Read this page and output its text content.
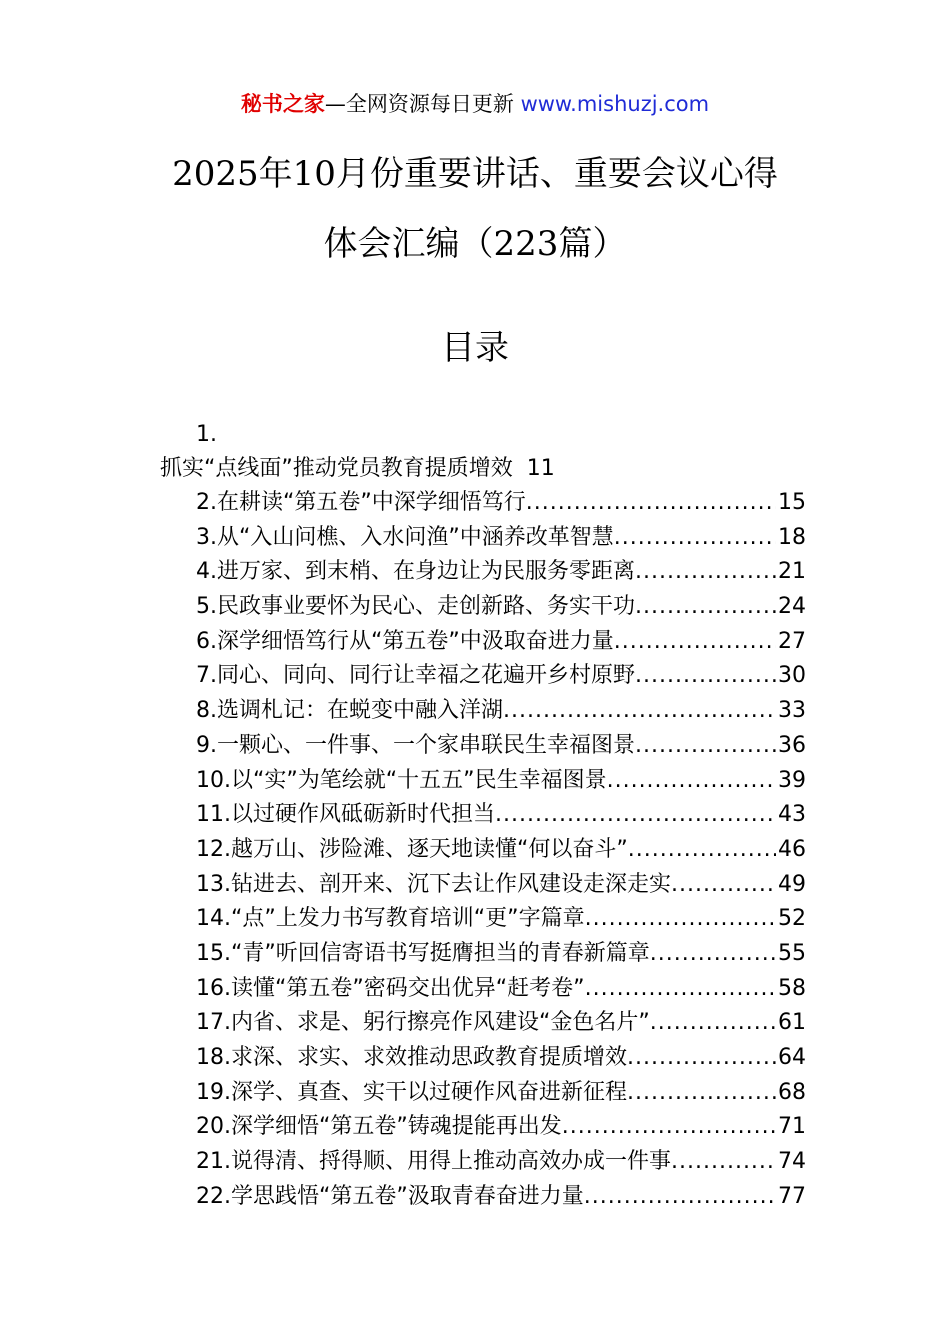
秘书之家—全网资源每日更新 www.mishuzj.com
2025年10月份重要讲话、重要会议心得
体会汇编（223篇）
目录
1.
抓实“点线面”推动党员教育提质增效 11
2.在耕读“第五卷”中深学细悟笃行 .....	15
3.从“入山问樵、入水问渔”中涵养改革智慧 .....	18
4.进万家、到末梢、在身边让为民服务零距离 .....	21
5.民政事业要怀为民心、走创新路、务实干功 .....	24
6.深学细悟笃行从“第五卷”中汲取奋进力量 .....	27
7.同心、同向、同行让幸福之花遍开乡村原野 .....	30
8.选调札记：在蜕变中融入洋湖 .....	33
9.一颗心、一件事、一个家串联民生幸福图景 .....	36
10.以“实”为笔绘就“十五五”民生幸福图景 .....	39
11.以过硬作风砥砺新时代担当 .....	43
12.越万山、涉险滩、逐天地读懂“何以奋斗” .....	46
13.钻进去、剖开来、沉下去让作风建设走深走实 .....	49
14.“点”上发力书写教育培训“更”字篇章 .....	52
15.“青”听回信寄语书写挺膺担当的青春新篇章 .....	55
16.读懂“第五卷”密码交出优异“赶考卷” .....	58
17.内省、求是、躬行擦亮作风建设“金色名片” .....	61
18.求深、求实、求效推动思政教育提质增效 .....	64
19.深学、真查、实干以过硬作风奋进新征程 .....	68
20.深学细悟“第五卷”铸魂提能再出发 .....	71
21.说得清、捋得顺、用得上推动高效办成一件事 .....	74
22.学思践悟“第五卷”汲取青春奋进力量 .....	77
